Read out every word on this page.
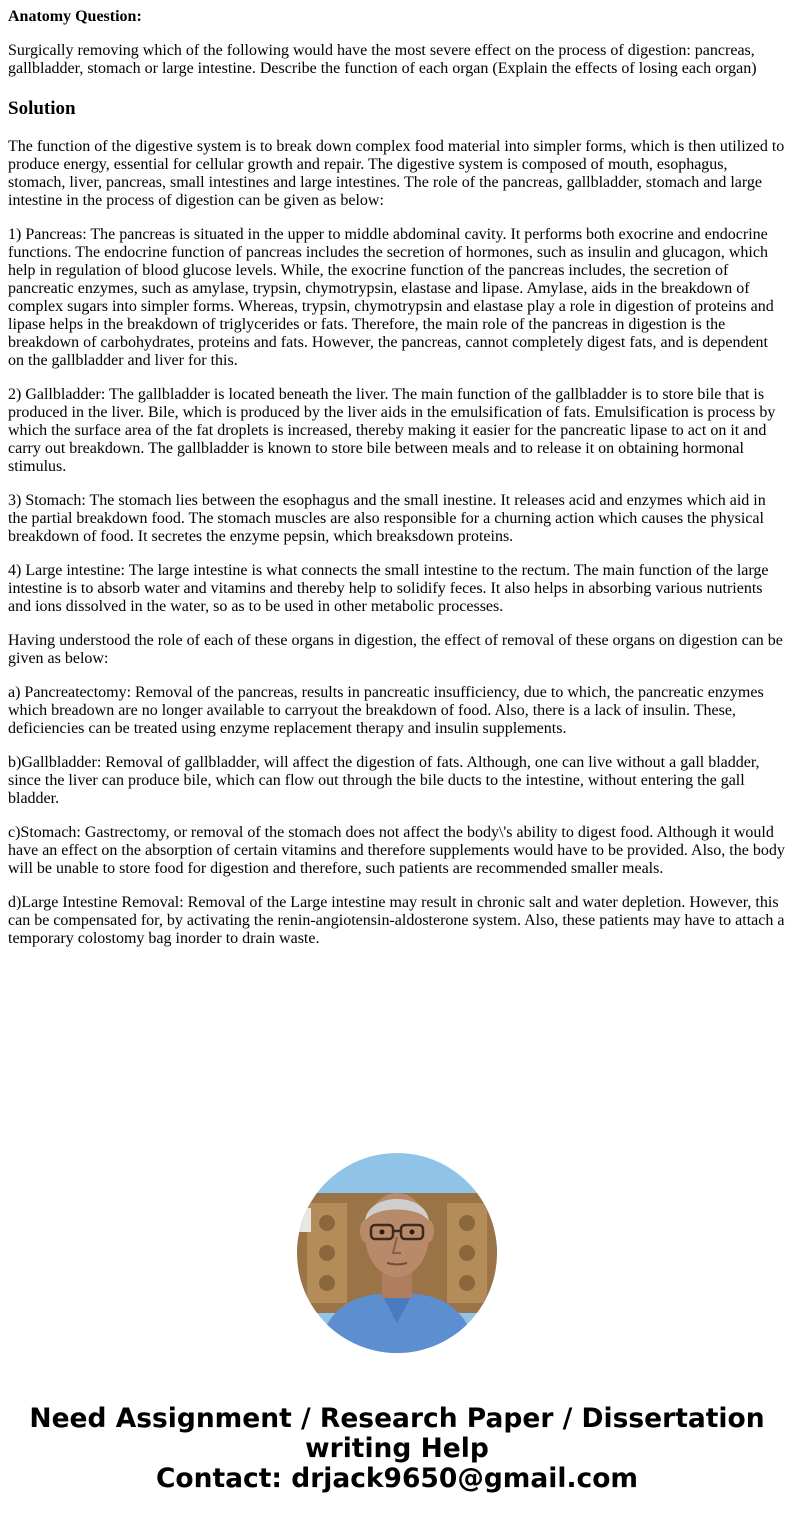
Anatomy Question:

Surgically removing which of the following would have the most severe effect on the process of digestion: pancreas, gallbladder, stomach or large intestine. Describe the function of each organ (Explain the effects of losing each organ)

Solution

The function of the digestive system is to break down complex food material into simpler forms, which is then utilized to produce energy, essential for cellular growth and repair. The digestive system is composed of mouth, esophagus, stomach, liver, pancreas, small intestines and large intestines. The role of the pancreas, gallbladder, stomach and large intestine in the process of digestion can be given as below:

1) Pancreas: The pancreas is situated in the upper to middle abdominal cavity. It performs both exocrine and endocrine functions. The endocrine function of pancreas includes the secretion of hormones, such as insulin and glucagon, which help in regulation of blood glucose levels. While, the exocrine function of the pancreas includes, the secretion of pancreatic enzymes, such as amylase, trypsin, chymotrypsin, elastase and lipase. Amylase, aids in the breakdown of complex sugars into simpler forms. Whereas, trypsin, chymotrypsin and elastase play a role in digestion of proteins and lipase helps in the breakdown of triglycerides or fats. Therefore, the main role of the pancreas in digestion is the breakdown of carbohydrates, proteins and fats. However, the pancreas, cannot completely digest fats, and is dependent on the gallbladder and liver for this.

2) Gallbladder: The gallbladder is located beneath the liver. The main function of the gallbladder is to store bile that is produced in the liver. Bile, which is produced by the liver aids in the emulsification of fats. Emulsification is process by which the surface area of the fat droplets is increased, thereby making it easier for the pancreatic lipase to act on it and carry out breakdown. The gallbladder is known to store bile between meals and to release it on obtaining hormonal stimulus.

3) Stomach: The stomach lies between the esophagus and the small inestine. It releases acid and enzymes which aid in the partial breakdown food. The stomach muscles are also responsible for a churning action which causes the physical breakdown of food. It secretes the enzyme pepsin, which breaksdown proteins.

4) Large intestine: The large intestine is what connects the small intestine to the rectum. The main function of the large intestine is to absorb water and vitamins and thereby help to solidify feces. It also helps in absorbing various nutrients and ions dissolved in the water, so as to be used in other metabolic processes.

Having understood the role of each of these organs in digestion, the effect of removal of these organs on digestion can be given as below:

a) Pancreatectomy: Removal of the pancreas, results in pancreatic insufficiency, due to which, the pancreatic enzymes which breadown are no longer available to carryout the breakdown of food. Also, there is a lack of insulin. These, deficiencies can be treated using enzyme replacement therapy and insulin supplements.

b)Gallbladder: Removal of gallbladder, will affect the digestion of fats. Although, one can live without a gall bladder, since the liver can produce bile, which can flow out through the bile ducts to the intestine, without entering the gall bladder.

c)Stomach: Gastrectomy, or removal of the stomach does not affect the body\'s ability to digest food. Although it would have an effect on the absorption of certain vitamins and therefore supplements would have to be provided. Also, the body will be unable to store food for digestion and therefore, such patients are recommended smaller meals.

d)Large Intestine Removal: Removal of the Large intestine may result in chronic salt and water depletion. However, this can be compensated for, by activating the renin-angiotensin-aldosterone system. Also, these patients may have to attach a temporary colostomy bag inorder to drain waste.

Need Assignment / Research Paper / Dissertation
writing Help
Contact: drjack9650@gmail.com
